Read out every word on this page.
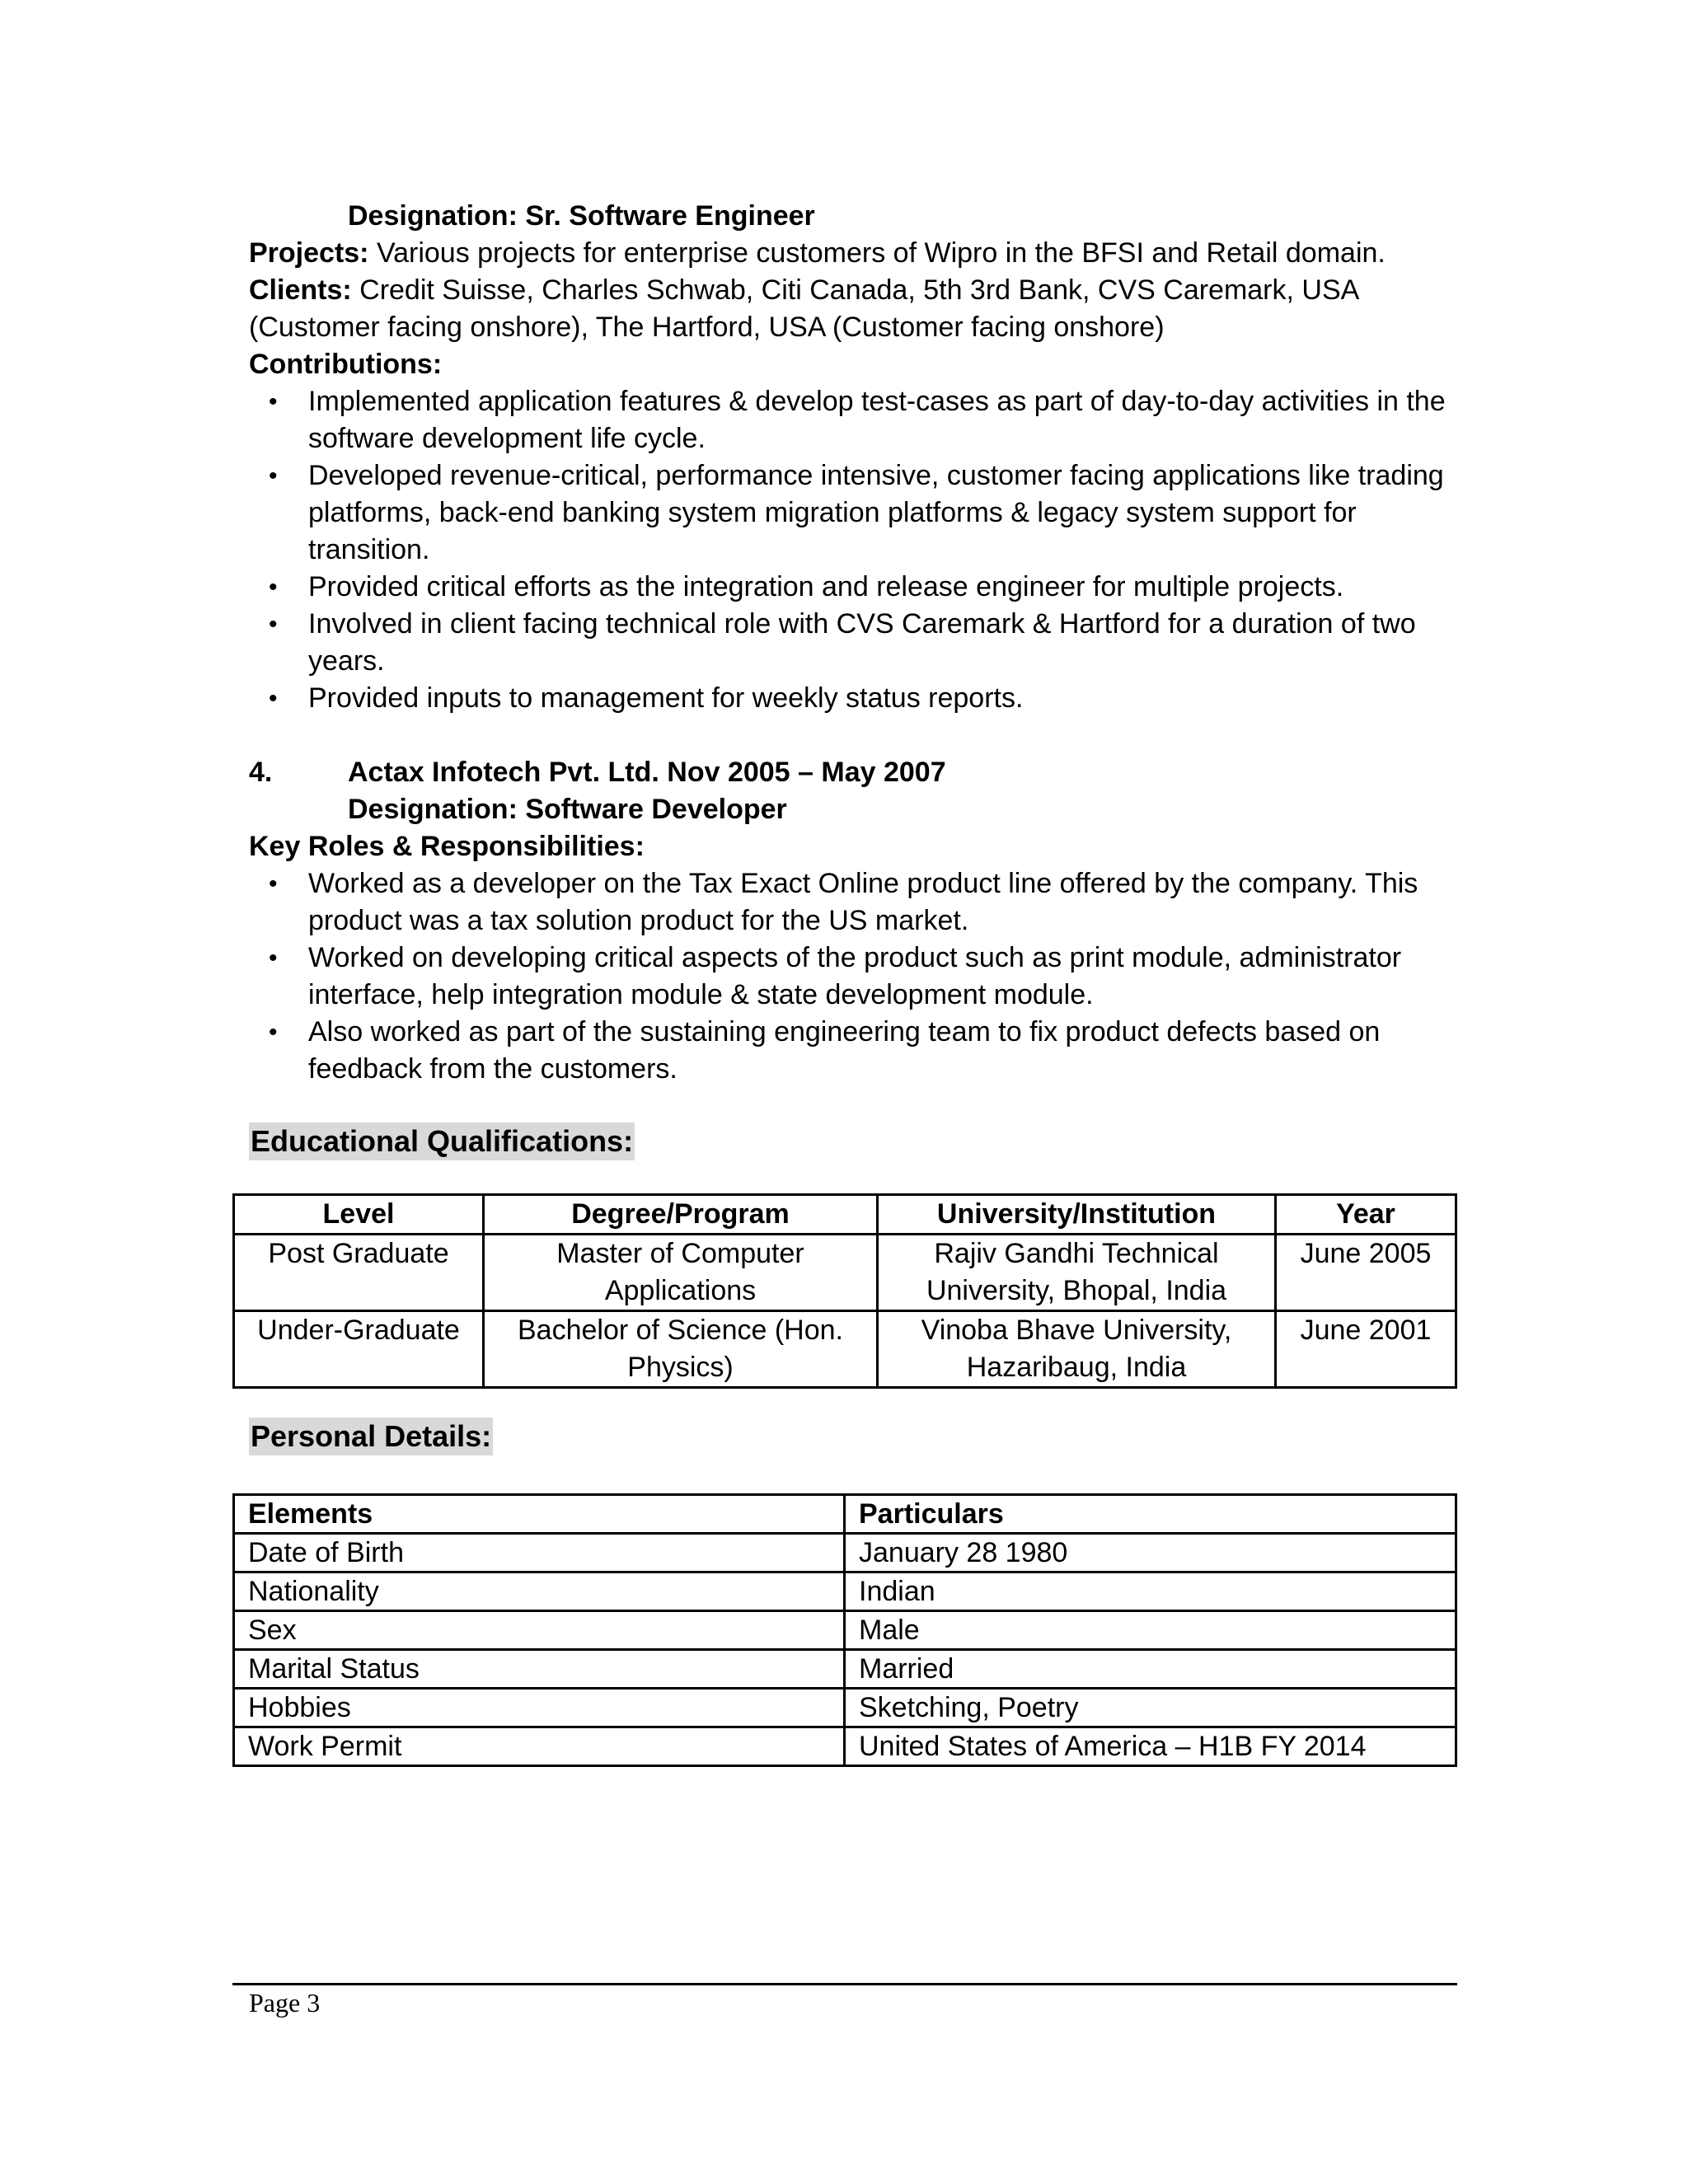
Designation: Sr. Software Engineer

Projects: Various projects for enterprise customers of Wipro in the BFSI and Retail domain.

Clients: Credit Suisse, Charles Schwab, Citi Canada, 5th 3rd Bank, CVS Caremark, USA (Customer facing onshore), The Hartford, USA (Customer facing onshore)

Contributions:
• Implemented application features & develop test-cases as part of day-to-day activities in the software development life cycle.
• Developed revenue-critical, performance intensive, customer facing applications like trading platforms, back-end banking system migration platforms & legacy system support for transition.
• Provided critical efforts as the integration and release engineer for multiple projects.
• Involved in client facing technical role with CVS Caremark & Hartford for a duration of two years.
• Provided inputs to management for weekly status reports.
4.	Actax Infotech Pvt. Ltd. Nov 2005 – May 2007
Designation: Software Developer
Key Roles & Responsibilities:
• Worked as a developer on the Tax Exact Online product line offered by the company. This product was a tax solution product for the US market.
• Worked on developing critical aspects of the product such as print module, administrator interface, help integration module & state development module.
• Also worked as part of the sustaining engineering team to fix product defects based on feedback from the customers.
Educational Qualifications:
Level	Degree/Program	University/Institution	Year
Post Graduate	Master of Computer Applications	Rajiv Gandhi Technical University, Bhopal, India	June 2005
Under-Graduate	Bachelor of Science (Hon. Physics)	Vinoba Bhave University, Hazaribaug, India	June 2001
Personal Details:
Elements	Particulars
Date of Birth	January 28 1980
Nationality	Indian
Sex	Male
Marital Status	Married
Hobbies	Sketching, Poetry
Work Permit	United States of America – H1B FY 2014
Page 3
